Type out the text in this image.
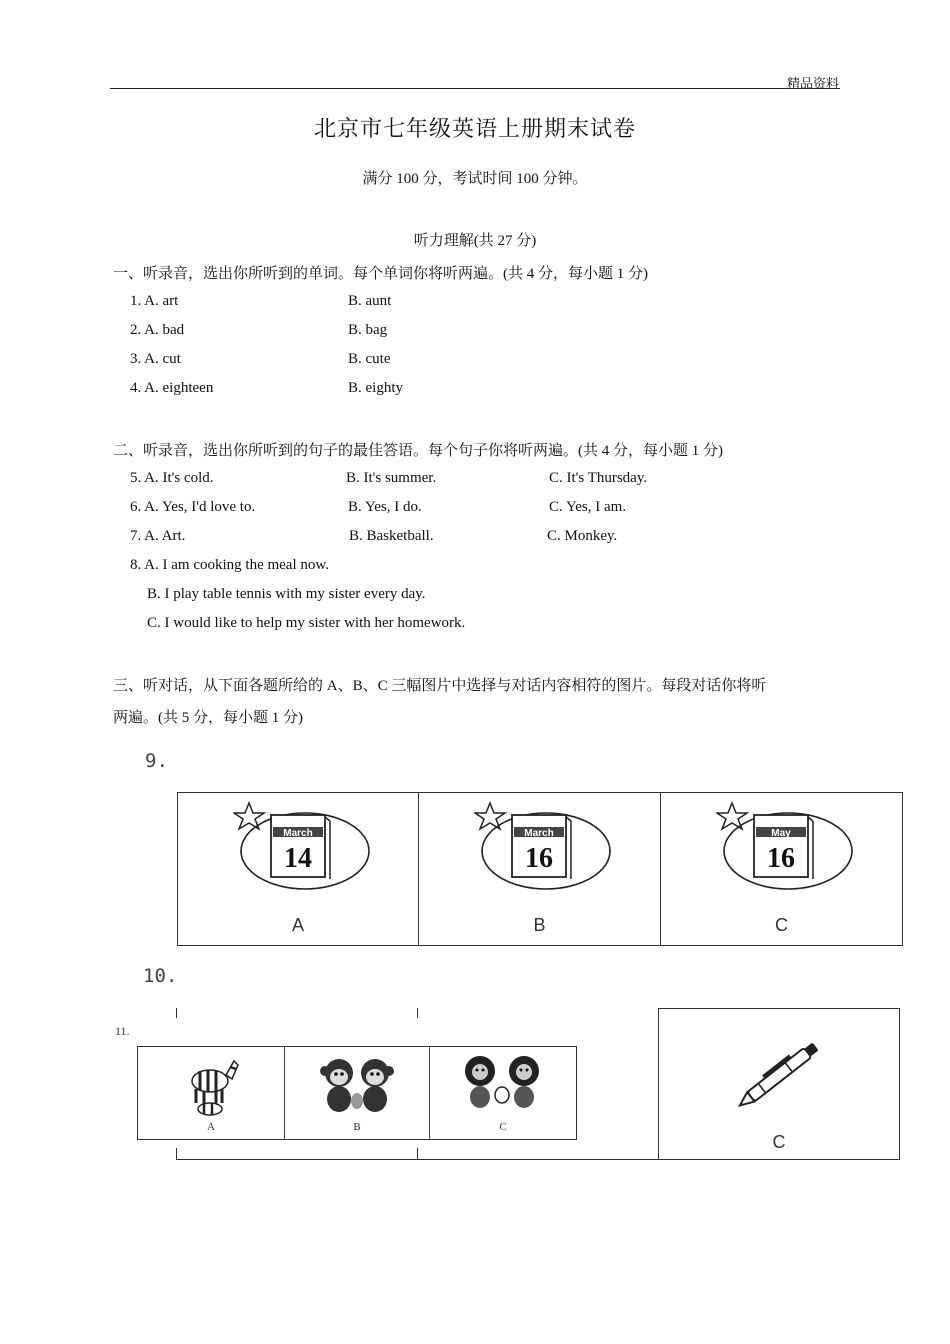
精品资料
北京市七年级英语上册期末试卷
满分 100 分，考试时间 100 分钟。
听力理解(共 27 分)
一、听录音，选出你所听到的单词。每个单词你将听两遍。(共 4 分，每小题 1 分)
1. A. art	B. aunt
2. A. bad	B. bag
3. A. cut	B. cute
4. A. eighteen	B. eighty
二、听录音，选出你所听到的句子的最佳答语。每个句子你将听两遍。(共 4 分，每小题 1 分)
5. A. It's cold.	B. It's summer.	C. It's Thursday.
6. A. Yes, I'd love to.	B. Yes, I do.	C. Yes, I am.
7. A. Art.	B. Basketball.	C. Monkey.
8. A. I am cooking the meal now.
B. I play table tennis with my sister every day.
C. I would like to help my sister with her homework.
三、听对话，从下面各题所给的 A、B、C 三幅图片中选择与对话内容相符的图片。每段对话你将听
两遍。(共 5 分，每小题 1 分)
9.
March
14
A
March
16
B
May
16
C
10.
C
11.
A	B	C
